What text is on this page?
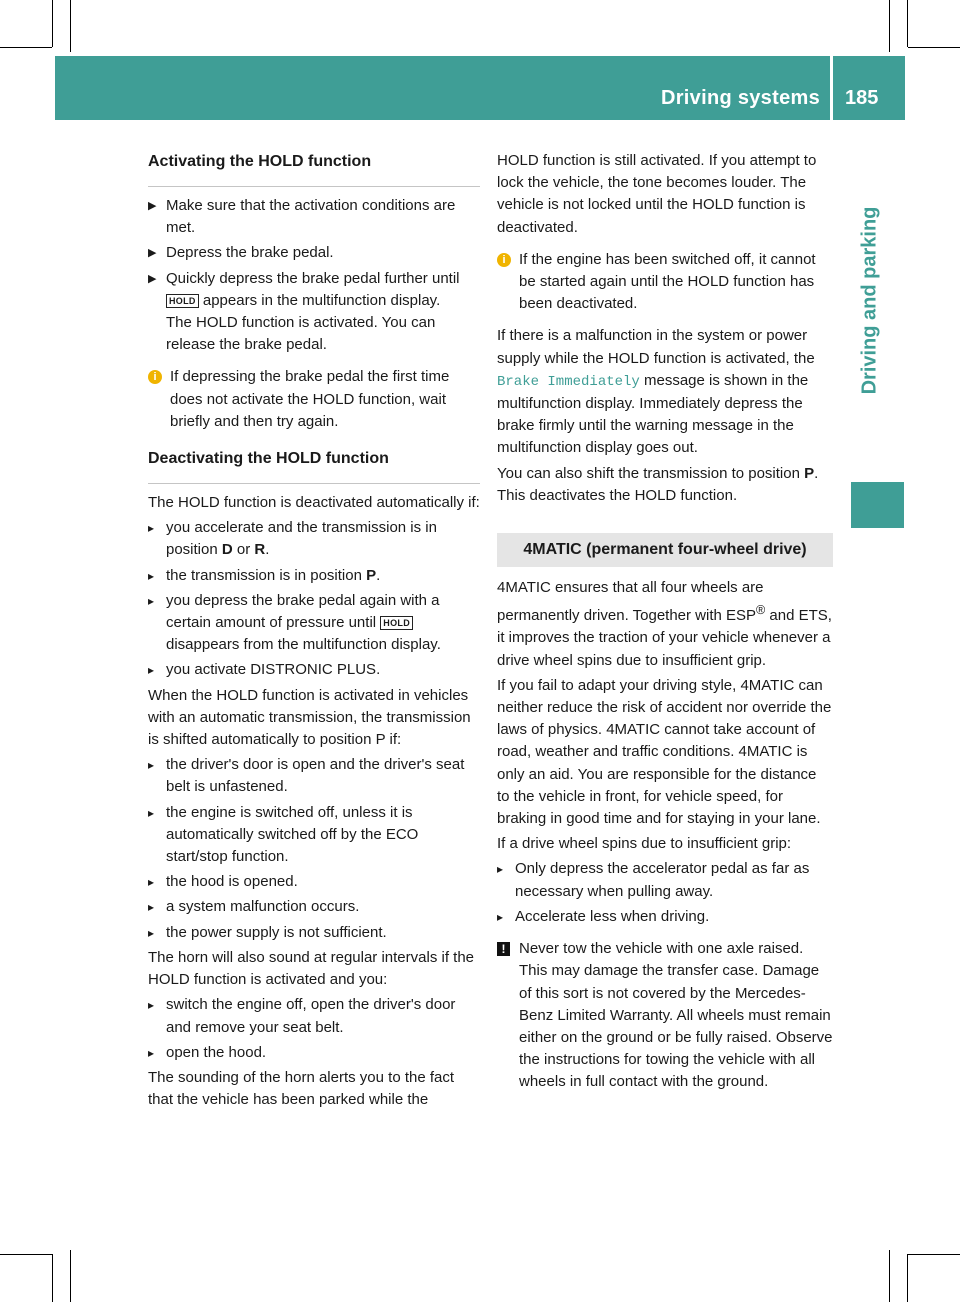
Driving systems 185
Driving and parking
Activating the HOLD function
▶ Make sure that the activation conditions are met.
▶ Depress the brake pedal.
▶ Quickly depress the brake pedal further until HOLD appears in the multifunction display.
The HOLD function is activated. You can release the brake pedal.
i If depressing the brake pedal the first time does not activate the HOLD function, wait briefly and then try again.
Deactivating the HOLD function
The HOLD function is deactivated automatically if:
▸ you accelerate and the transmission is in position D or R.
▸ the transmission is in position P.
▸ you depress the brake pedal again with a certain amount of pressure until HOLD disappears from the multifunction display.
▸ you activate DISTRONIC PLUS.
When the HOLD function is activated in vehicles with an automatic transmission, the transmission is shifted automatically to position P if:
▸ the driver's door is open and the driver's seat belt is unfastened.
▸ the engine is switched off, unless it is automatically switched off by the ECO start/stop function.
▸ the hood is opened.
▸ a system malfunction occurs.
▸ the power supply is not sufficient.
The horn will also sound at regular intervals if the HOLD function is activated and you:
▸ switch the engine off, open the driver's door and remove your seat belt.
▸ open the hood.
The sounding of the horn alerts you to the fact that the vehicle has been parked while the
HOLD function is still activated. If you attempt to lock the vehicle, the tone becomes louder. The vehicle is not locked until the HOLD function is deactivated.
i If the engine has been switched off, it cannot be started again until the HOLD function has been deactivated.
If there is a malfunction in the system or power supply while the HOLD function is activated, the Brake Immediately message is shown in the multifunction display. Immediately depress the brake firmly until the warning message in the multifunction display goes out.
You can also shift the transmission to position P. This deactivates the HOLD function.
4MATIC (permanent four-wheel drive)
4MATIC ensures that all four wheels are permanently driven. Together with ESP® and ETS, it improves the traction of your vehicle whenever a drive wheel spins due to insufficient grip.
If you fail to adapt your driving style, 4MATIC can neither reduce the risk of accident nor override the laws of physics. 4MATIC cannot take account of road, weather and traffic conditions. 4MATIC is only an aid. You are responsible for the distance to the vehicle in front, for vehicle speed, for braking in good time and for staying in your lane.
If a drive wheel spins due to insufficient grip:
▸ Only depress the accelerator pedal as far as necessary when pulling away.
▸ Accelerate less when driving.
! Never tow the vehicle with one axle raised. This may damage the transfer case. Damage of this sort is not covered by the Mercedes-Benz Limited Warranty. All wheels must remain either on the ground or be fully raised. Observe the instructions for towing the vehicle with all wheels in full contact with the ground.
